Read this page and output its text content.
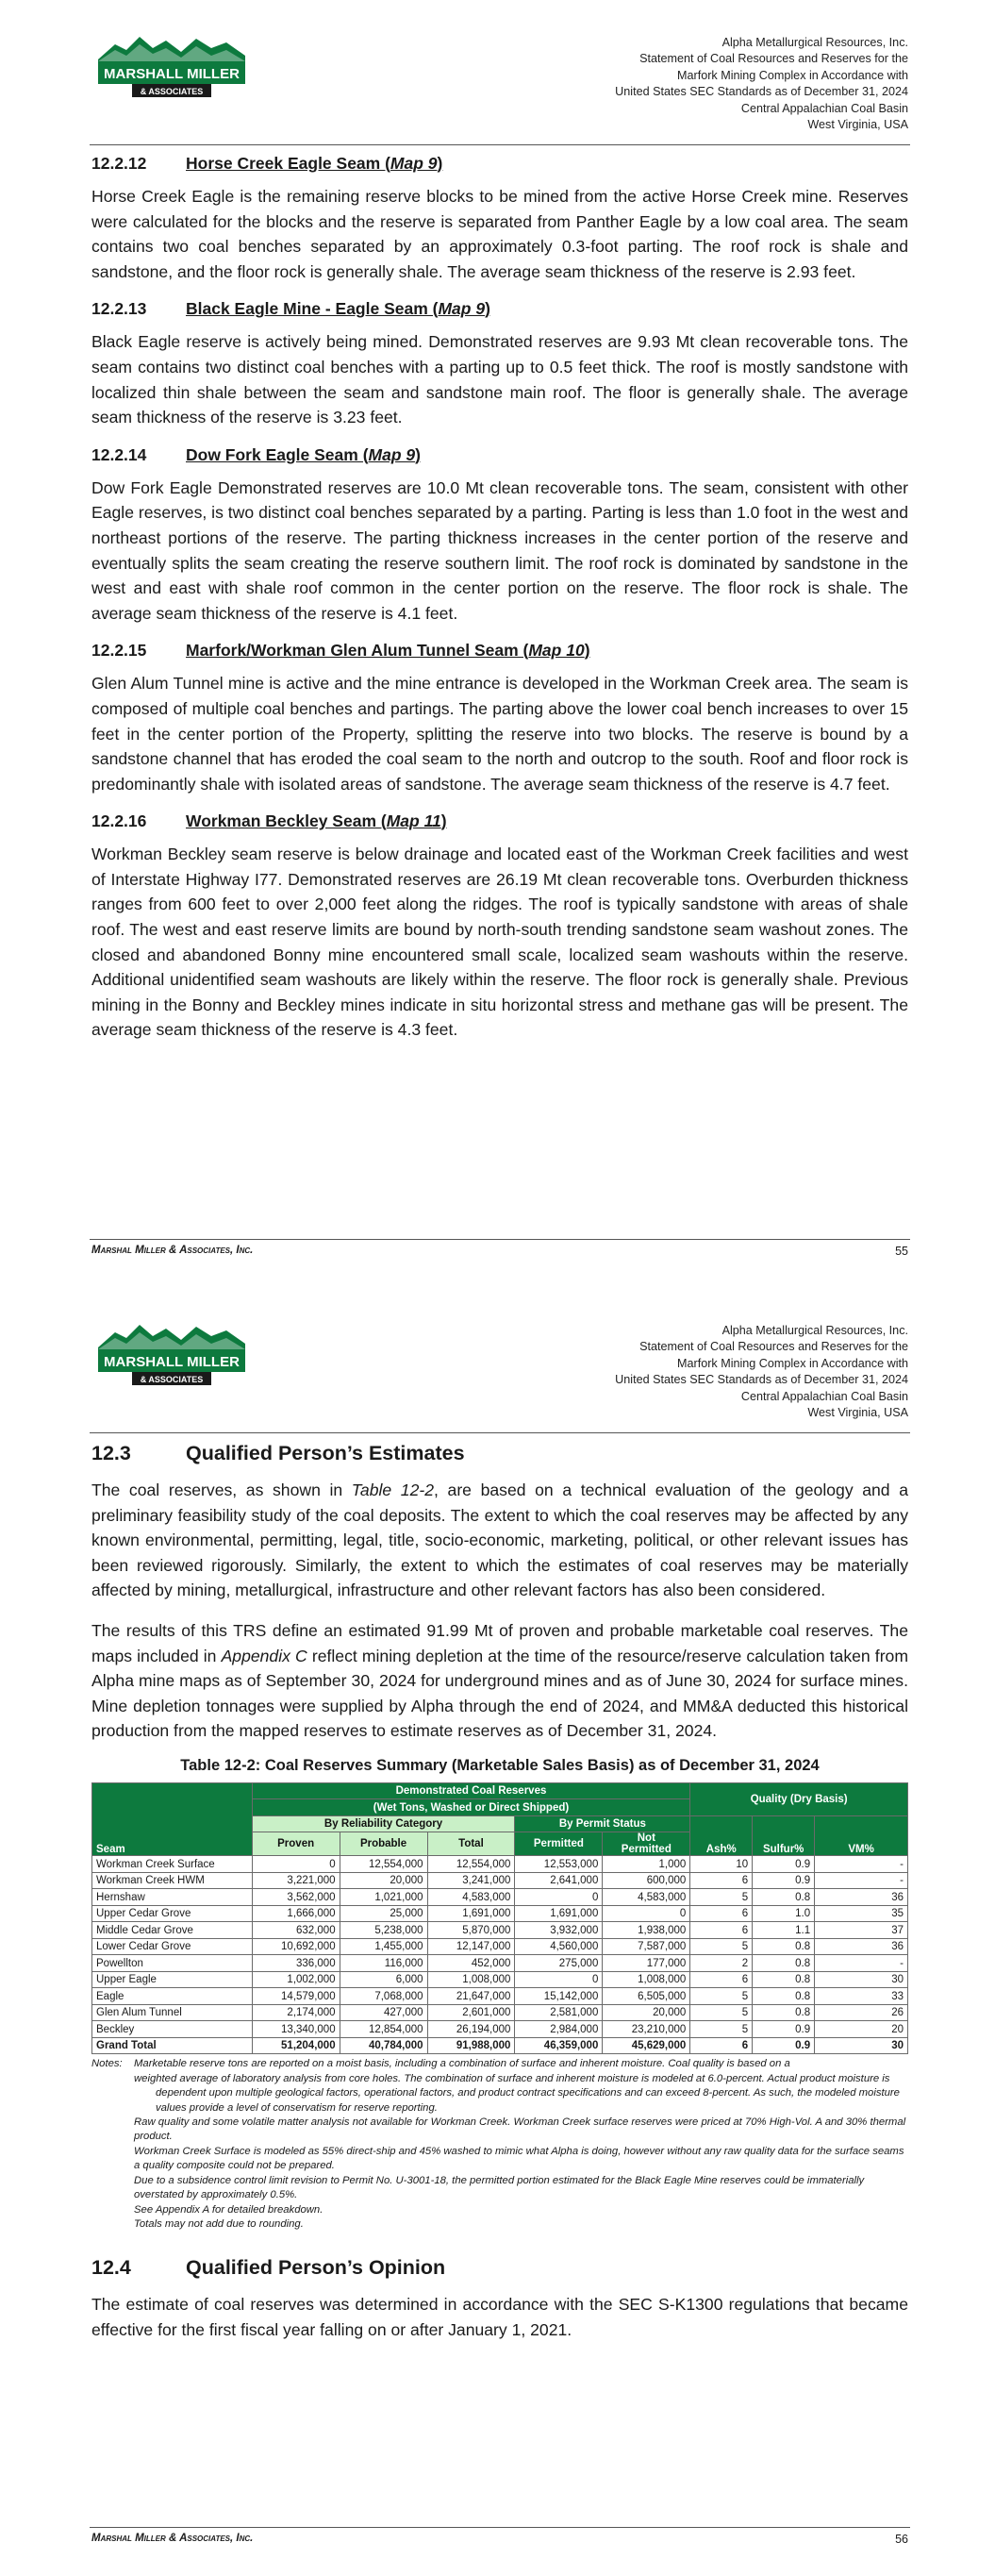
MARSHALL MILLER
& ASSOCIATES
Alpha Metallurgical Resources, Inc.
Statement of Coal Resources and Reserves for the
Marfork Mining Complex in Accordance with
United States SEC Standards as of December 31, 2024
Central Appalachian Coal Basin
West Virginia, USA
12.2.12 Horse Creek Eagle Seam (Map 9)

Horse Creek Eagle is the remaining reserve blocks to be mined from the active Horse Creek mine. Reserves were calculated for the blocks and the reserve is separated from Panther Eagle by a low coal area. The seam contains two coal benches separated by an approximately 0.3-foot parting. The roof rock is shale and sandstone, and the floor rock is generally shale. The average seam thickness of the reserve is 2.93 feet.

12.2.13 Black Eagle Mine - Eagle Seam (Map 9)

Black Eagle reserve is actively being mined. Demonstrated reserves are 9.93 Mt clean recoverable tons. The seam contains two distinct coal benches with a parting up to 0.5 feet thick. The roof is mostly sandstone with localized thin shale between the seam and sandstone main roof. The floor is generally shale. The average seam thickness of the reserve is 3.23 feet.

12.2.14 Dow Fork Eagle Seam (Map 9)

Dow Fork Eagle Demonstrated reserves are 10.0 Mt clean recoverable tons. The seam, consistent with other Eagle reserves, is two distinct coal benches separated by a parting. Parting is less than 1.0 foot in the west and northeast portions of the reserve. The parting thickness increases in the center portion of the reserve and eventually splits the seam creating the reserve southern limit. The roof rock is dominated by sandstone in the west and east with shale roof common in the center portion on the reserve. The floor rock is shale. The average seam thickness of the reserve is 4.1 feet.

12.2.15 Marfork/Workman Glen Alum Tunnel Seam (Map 10)

Glen Alum Tunnel mine is active and the mine entrance is developed in the Workman Creek area. The seam is composed of multiple coal benches and partings. The parting above the lower coal bench increases to over 15 feet in the center portion of the Property, splitting the reserve into two blocks. The reserve is bound by a sandstone channel that has eroded the coal seam to the north and outcrop to the south. Roof and floor rock is predominantly shale with isolated areas of sandstone. The average seam thickness of the reserve is 4.7 feet.

12.2.16 Workman Beckley Seam (Map 11)

Workman Beckley seam reserve is below drainage and located east of the Workman Creek facilities and west of Interstate Highway I77. Demonstrated reserves are 26.19 Mt clean recoverable tons. Overburden thickness ranges from 600 feet to over 2,000 feet along the ridges. The roof is typically sandstone with areas of shale roof. The west and east reserve limits are bound by north-south trending sandstone seam washout zones. The closed and abandoned Bonny mine encountered small scale, localized seam washouts within the reserve. Additional unidentified seam washouts are likely within the reserve. The floor rock is generally shale. Previous mining in the Bonny and Beckley mines indicate in situ horizontal stress and methane gas will be present. The average seam thickness of the reserve is 4.3 feet.

Marshal Miller & Associates, Inc.	55
MARSHALL MILLER
& ASSOCIATES
Alpha Metallurgical Resources, Inc.
Statement of Coal Resources and Reserves for the
Marfork Mining Complex in Accordance with
United States SEC Standards as of December 31, 2024
Central Appalachian Coal Basin
West Virginia, USA
Marshal Miller & Associates, Inc.	56
12.3	Qualified Person’s Estimates

The coal reserves, as shown in Table 12-2, are based on a technical evaluation of the geology and a preliminary feasibility study of the coal deposits. The extent to which the coal reserves may be affected by any known environmental, permitting, legal, title, socio-economic, marketing, political, or other relevant issues has been reviewed rigorously. Similarly, the extent to which the estimates of coal reserves may be materially affected by mining, metallurgical, infrastructure and other relevant factors has also been considered.

The results of this TRS define an estimated 91.99 Mt of proven and probable marketable coal reserves. The maps included in Appendix C reflect mining depletion at the time of the resource/reserve calculation taken from Alpha mine maps as of September 30, 2024 for underground mines and as of June 30, 2024 for surface mines. Mine depletion tonnages were supplied by Alpha through the end of 2024, and MM&A deducted this historical production from the mapped reserves to estimate reserves as of December 31, 2024.

Table 12-2: Coal Reserves Summary (Marketable Sales Basis) as of December 31, 2024
Seam	Demonstrated Coal Reserves					Quality (Dry Basis)		
	(Wet Tons, Washed or Direct Shipped)							
	By Reliability Category			By Permit Status		Ash%	Sulfur%	VM%
	Proven	Probable	Total	Permitted	Not
Permitted			
Workman Creek Surface	0	12,554,000	12,554,000	12,553,000	1,000	10	0.9	-
Workman Creek HWM	3,221,000	20,000	3,241,000	2,641,000	600,000	6	0.9	-
Hernshaw	3,562,000	1,021,000	4,583,000	0	4,583,000	5	0.8	36
Upper Cedar Grove	1,666,000	25,000	1,691,000	1,691,000	0	6	1.0	35
Middle Cedar Grove	632,000	5,238,000	5,870,000	3,932,000	1,938,000	6	1.1	37
Lower Cedar Grove	10,692,000	1,455,000	12,147,000	4,560,000	7,587,000	5	0.8	36
Powellton	336,000	116,000	452,000	275,000	177,000	2	0.8	-
Upper Eagle	1,002,000	6,000	1,008,000	0	1,008,000	6	0.8	30
Eagle	14,579,000	7,068,000	21,647,000	15,142,000	6,505,000	5	0.8	33
Glen Alum Tunnel	2,174,000	427,000	2,601,000	2,581,000	20,000	5	0.8	26
Beckley	13,340,000	12,854,000	26,194,000	2,984,000	23,210,000	5	0.9	20
Grand Total	51,204,000	40,784,000	91,988,000	46,359,000	45,629,000	6	0.9	30
Notes:	Marketable reserve tons are reported on a moist basis, including a combination of surface and inherent moisture. Coal quality is based on a
weighted average of laboratory analysis from core holes. The combination of surface and inherent moisture is modeled at 6.0-percent. Actual product moisture is dependent upon multiple geological factors, operational factors, and product contract specifications and can exceed 8-percent. As such, the modeled moisture values provide a level of conservatism for reserve reporting.
Raw quality and some volatile matter analysis not available for Workman Creek. Workman Creek surface reserves were priced at 70% High-Vol. A and 30% thermal product.
Workman Creek Surface is modeled as 55% direct-ship and 45% washed to mimic what Alpha is doing, however without any raw quality data for the surface seams a quality composite could not be prepared.
Due to a subsidence control limit revision to Permit No. U-3001-18, the permitted portion estimated for the Black Eagle Mine reserves could be immaterially overstated by approximately 0.5%.
See Appendix A for detailed breakdown.
Totals may not add due to rounding.
12.4	Qualified Person’s Opinion

The estimate of coal reserves was determined in accordance with the SEC S-K1300 regulations that became effective for the first fiscal year falling on or after January 1, 2021.
